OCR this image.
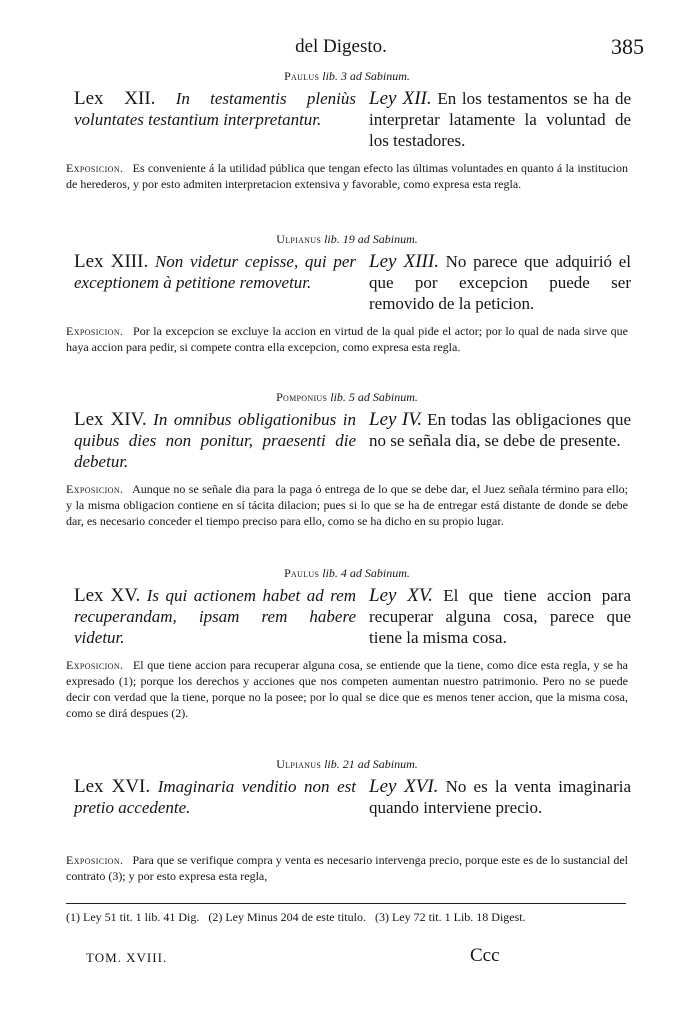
del Digesto.	385
Paulus lib. 3 ad Sabinum.
Lex XII. In testamentis pleniùs voluntates testantium interpretantur.
Ley XII. En los testamentos se ha de interpretar latamente la voluntad de los testadores.
Exposicion. Es conveniente á la utilidad pública que tengan efecto las últimas voluntades en quanto á la institucion de herederos, y por esto admiten interpretacion extensiva y favorable, como expresa esta regla.
Ulpianus lib. 19 ad Sabinum.
Lex XIII. Non videtur cepisse, qui per exceptionem à petitione removetur.
Ley XIII. No parece que adquirió el que por excepcion puede ser removido de la peticion.
Exposicion. Por la excepcion se excluye la accion en virtud de la qual pide el actor; por lo qual de nada sirve que haya accion para pedir, si compete contra ella excepcion, como expresa esta regla.
Pomponius lib. 5 ad Sabinum.
Lex XIV. In omnibus obligationibus in quibus dies non ponitur, praesenti die debetur.
Ley IV. En todas las obligaciones que no se señala dia, se debe de presente.
Exposicion. Aunque no se señale dia para la paga ó entrega de lo que se debe dar, el Juez señala término para ello; y la misma obligacion contiene en sí tácita dilacion; pues si lo que se ha de entregar está distante de donde se debe dar, es necesario conceder el tiempo preciso para ello, como se ha dicho en su propio lugar.
Paulus lib. 4 ad Sabinum.
Lex XV. Is qui actionem habet ad rem recuperandam, ipsam rem habere videtur.
Ley XV. El que tiene accion para recuperar alguna cosa, parece que tiene la misma cosa.
Exposicion. El que tiene accion para recuperar alguna cosa, se entiende que la tiene, como dice esta regla, y se ha expresado (1); porque los derechos y acciones que nos competen aumentan nuestro patrimonio. Pero no se puede decir con verdad que la tiene, porque no la posee; por lo qual se dice que es menos tener accion, que la misma cosa, como se dirá despues (2).
Ulpianus lib. 21 ad Sabinum.
Lex XVI. Imaginaria venditio non est pretio accedente.
Ley XVI. No es la venta imaginaria quando interviene precio.
Exposicion. Para que se verifique compra y venta es necesario intervenga precio, porque este es de lo sustancial del contrato (3); y por esto expresa esta regla,
(1) Ley 51 tit. 1 lib. 41 Dig. (2) Ley Minus 204 de este titulo. (3) Ley 72 tit. 1 Lib. 18 Digest.
TOM. XVIII.	Ccc
